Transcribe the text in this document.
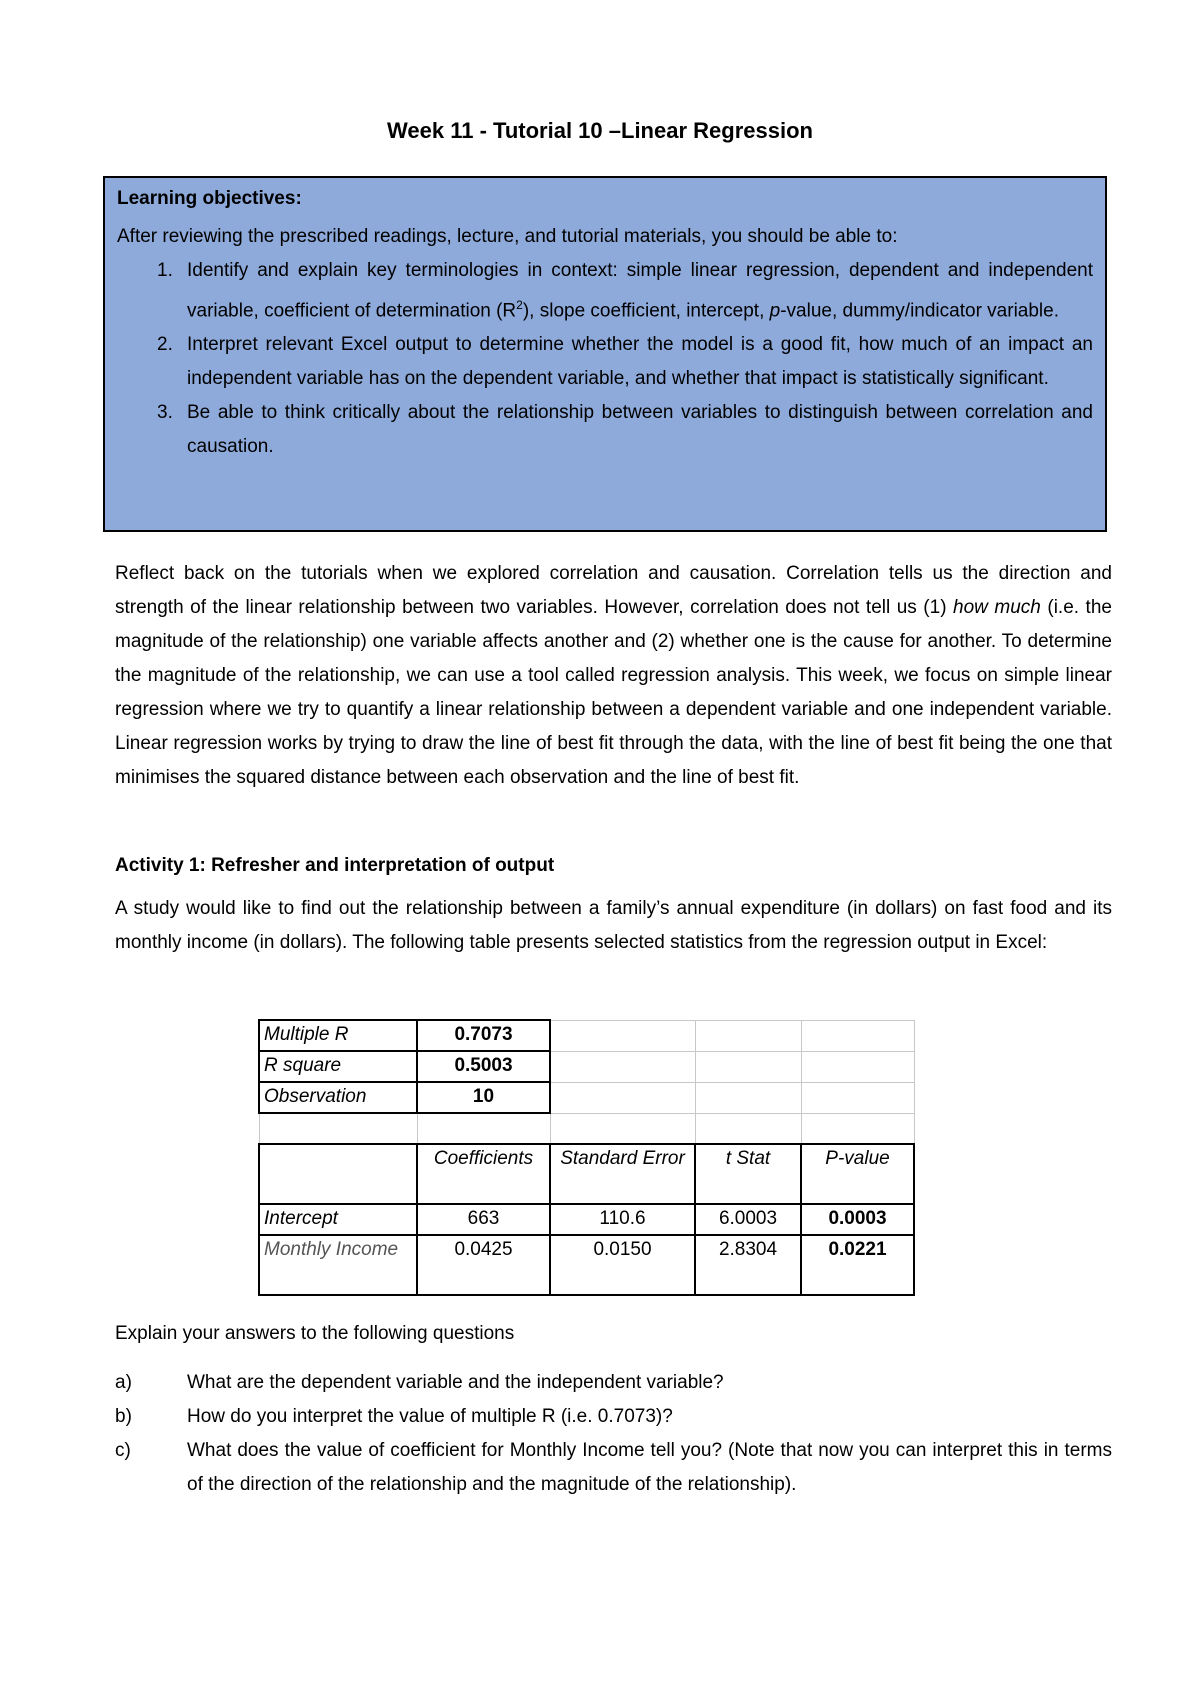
Week 11 - Tutorial 10 –Linear Regression
Learning objectives:

After reviewing the prescribed readings, lecture, and tutorial materials, you should be able to:

1. Identify and explain key terminologies in context: simple linear regression, dependent and independent variable, coefficient of determination $(R^2)$, slope coefficient, intercept, p-value, dummy/indicator variable.
2. Interpret relevant Excel output to determine whether the model is a good fit, how much of an impact an independent variable has on the dependent variable, and whether that impact is statistically significant.
3. Be able to think critically about the relationship between variables to distinguish between correlation and causation.

Reflect back on the tutorials when we explored correlation and causation. Correlation tells us the direction and strength of the linear relationship between two variables. However, correlation does not tell us (1) how much (i.e. the magnitude of the relationship) one variable affects another and (2) whether one is the cause for another. To determine the magnitude of the relationship, we can use a tool called regression analysis. This week, we focus on simple linear regression where we try to quantify a linear relationship between a dependent variable and one independent variable. Linear regression works by trying to draw the line of best fit through the data, with the line of best fit being the one that minimises the squared distance between each observation and the line of best fit.

Activity 1: Refresher and interpretation of output

A study would like to find out the relationship between a family’s annual expenditure (in dollars) on fast food and its monthly income (in dollars). The following table presents selected statistics from the regression output in Excel:

Multiple R	0.7073			
R square	0.5003			
Observation	10			

	Coefficients	Standard Error	t Stat	P-value
Intercept	663	110.6	6.0003	0.0003
Monthly Income	0.0425	0.0150	2.8304	0.0221

Explain your answers to the following questions

a)	What are the dependent variable and the independent variable?
b)	How do you interpret the value of multiple R (i.e. 0.7073)?
c)	What does the value of coefficient for Monthly Income tell you? (Note that now you can interpret this in terms of the direction of the relationship and the magnitude of the relationship).
